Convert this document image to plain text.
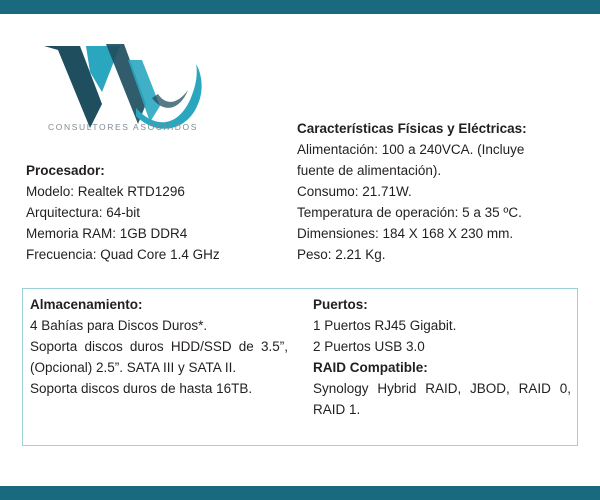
CONSULTORES ASOCIADOS
Procesador:
Modelo: Realtek RTD1296
Arquitectura: 64-bit
Memoria RAM: 1GB DDR4
Frecuencia: Quad Core 1.4 GHz
Características Físicas y Eléctricas:
Alimentación: 100 a 240VCA. (Incluye
fuente de alimentación).
Consumo: 21.71W.
Temperatura de operación: 5 a 35 ºC.
Dimensiones: 184 X 168 X 230 mm.
Peso: 2.21 Kg.
Almacenamiento:
4 Bahías para Discos Duros*.
Soporta discos duros HDD/SSD de 3.5”,(Opcional) 2.5”. SATA III y SATA II.
Soporta discos duros de hasta 16TB.
Puertos:
1 Puertos RJ45 Gigabit.
2 Puertos USB 3.0
RAID Compatible:
Synology Hybrid RAID, JBOD, RAID 0, RAID 1.
